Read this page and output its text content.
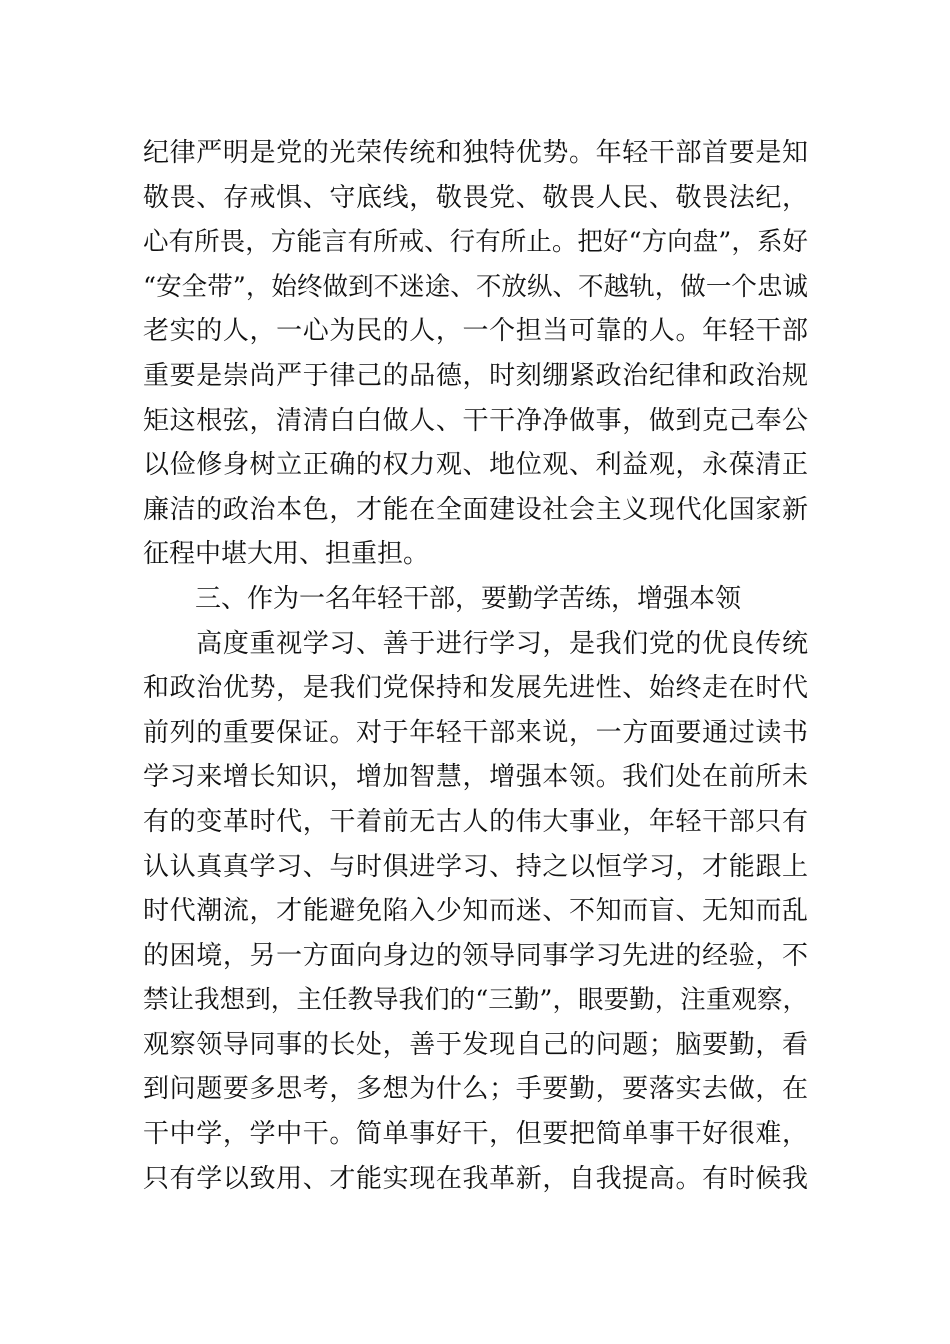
纪律严明是党的光荣传统和独特优势。年轻干部首要是知
敬畏、存戒惧、守底线，敬畏党、敬畏人民、敬畏法纪，
心有所畏，方能言有所戒、行有所止。把好“方向盘”，系好
“安全带”，始终做到不迷途、不放纵、不越轨，做一个忠诚
老实的人，一心为民的人，一个担当可靠的人。年轻干部
重要是崇尚严于律己的品德，时刻绷紧政治纪律和政治规
矩这根弦，清清白白做人、干干净净做事，做到克己奉公
以俭修身树立正确的权力观、地位观、利益观，永葆清正
廉洁的政治本色，才能在全面建设社会主义现代化国家新
征程中堪大用、担重担。
　　三、作为一名年轻干部，要勤学苦练，增强本领
　　高度重视学习、善于进行学习，是我们党的优良传统
和政治优势，是我们党保持和发展先进性、始终走在时代
前列的重要保证。对于年轻干部来说，一方面要通过读书
学习来增长知识，增加智慧，增强本领。我们处在前所未
有的变革时代，干着前无古人的伟大事业，年轻干部只有
认认真真学习、与时俱进学习、持之以恒学习，才能跟上
时代潮流，才能避免陷入少知而迷、不知而盲、无知而乱
的困境，另一方面向身边的领导同事学习先进的经验，不
禁让我想到，主任教导我们的“三勤”，眼要勤，注重观察，
观察领导同事的长处，善于发现自己的问题；脑要勤，看
到问题要多思考，多想为什么；手要勤，要落实去做，在
干中学，学中干。简单事好干，但要把简单事干好很难，
只有学以致用、才能实现在我革新，自我提高。有时候我
